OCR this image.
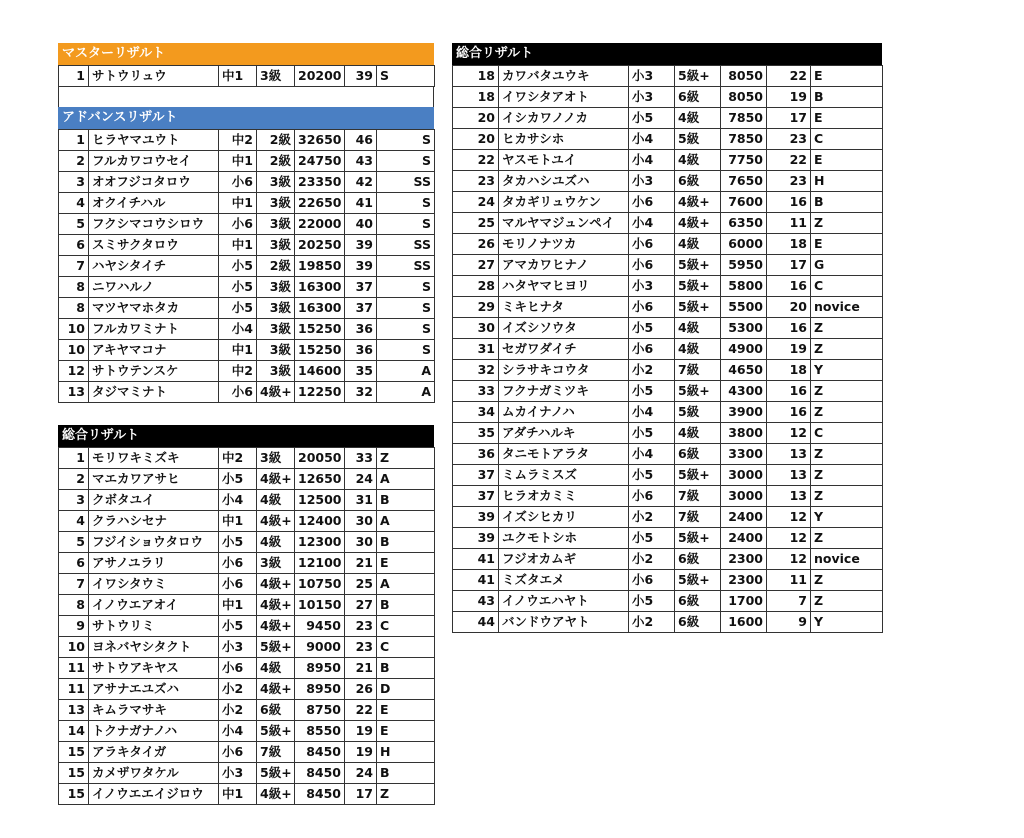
マスターリザルト
1	サトウリュウ	中1	3級	20200	39	S
アドバンスリザルト
1	ヒラヤマユウト	中2	2級	32650	46	S
2	フルカワコウセイ	中1	2級	24750	43	S
3	オオフジコタロウ	小6	3級	23350	42	SS
4	オクイチハル	中1	3級	22650	41	S
5	フクシマコウシロウ	小6	3級	22000	40	S
6	スミサクタロウ	中1	3級	20250	39	SS
7	ハヤシタイチ	小5	2級	19850	39	SS
8	ニワハルノ	小5	3級	16300	37	S
8	マツヤマホタカ	小5	3級	16300	37	S
10	フルカワミナト	小4	3級	15250	36	S
10	アキヤマコナ	中1	3級	15250	36	S
12	サトウテンスケ	中2	3級	14600	35	A
13	タジマミナト	小6	4級+	12250	32	A
総合リザルト
1	モリワキミズキ	中2	3級	20050	33	Z
2	マエカワアサヒ	小5	4級+	12650	24	A
3	クボタユイ	小4	4級	12500	31	B
4	クラハシセナ	中1	4級+	12400	30	A
5	フジイショウタロウ	小5	4級	12300	30	B
6	アサノユラリ	小6	3級	12100	21	E
7	イワシタウミ	小6	4級+	10750	25	A
8	イノウエアオイ	中1	4級+	10150	27	B
9	サトウリミ	小5	4級+	9450	23	C
10	ヨネバヤシタクト	小3	5級+	9000	23	C
11	サトウアキヤス	小6	4級	8950	21	B
11	アサナエユズハ	小2	4級+	8950	26	D
13	キムラマサキ	小2	6級	8750	22	E
14	トクナガナノハ	小4	5級+	8550	19	E
15	アラキタイガ	小6	7級	8450	19	H
15	カメザワタケル	小3	5級+	8450	24	B
15	イノウエエイジロウ	中1	4級+	8450	17	Z
総合リザルト
18	カワバタユウキ	小3	5級+	8050	22	E
18	イワシタアオト	小3	6級	8050	19	B
20	イシカワノノカ	小5	4級	7850	17	E
20	ヒカサシホ	小4	5級	7850	23	C
22	ヤスモトユイ	小4	4級	7750	22	E
23	タカハシユズハ	小3	6級	7650	23	H
24	タカギリュウケン	小6	4級+	7600	16	B
25	マルヤマジュンペイ	小4	4級+	6350	11	Z
26	モリノナツカ	小6	4級	6000	18	E
27	アマカワヒナノ	小6	5級+	5950	17	G
28	ハタヤマヒヨリ	小3	5級+	5800	16	C
29	ミキヒナタ	小6	5級+	5500	20	novice
30	イズシソウタ	小5	4級	5300	16	Z
31	セガワダイチ	小6	4級	4900	19	Z
32	シラサキコウタ	小2	7級	4650	18	Y
33	フクナガミツキ	小5	5級+	4300	16	Z
34	ムカイナノハ	小4	5級	3900	16	Z
35	アダチハルキ	小5	4級	3800	12	C
36	タニモトアラタ	小4	6級	3300	13	Z
37	ミムラミスズ	小5	5級+	3000	13	Z
37	ヒラオカミミ	小6	7級	3000	13	Z
39	イズシヒカリ	小2	7級	2400	12	Y
39	ユクモトシホ	小5	5級+	2400	12	Z
41	フジオカムギ	小2	6級	2300	12	novice
41	ミズタエメ	小6	5級+	2300	11	Z
43	イノウエハヤト	小5	6級	1700	7	Z
44	バンドウアヤト	小2	6級	1600	9	Y
